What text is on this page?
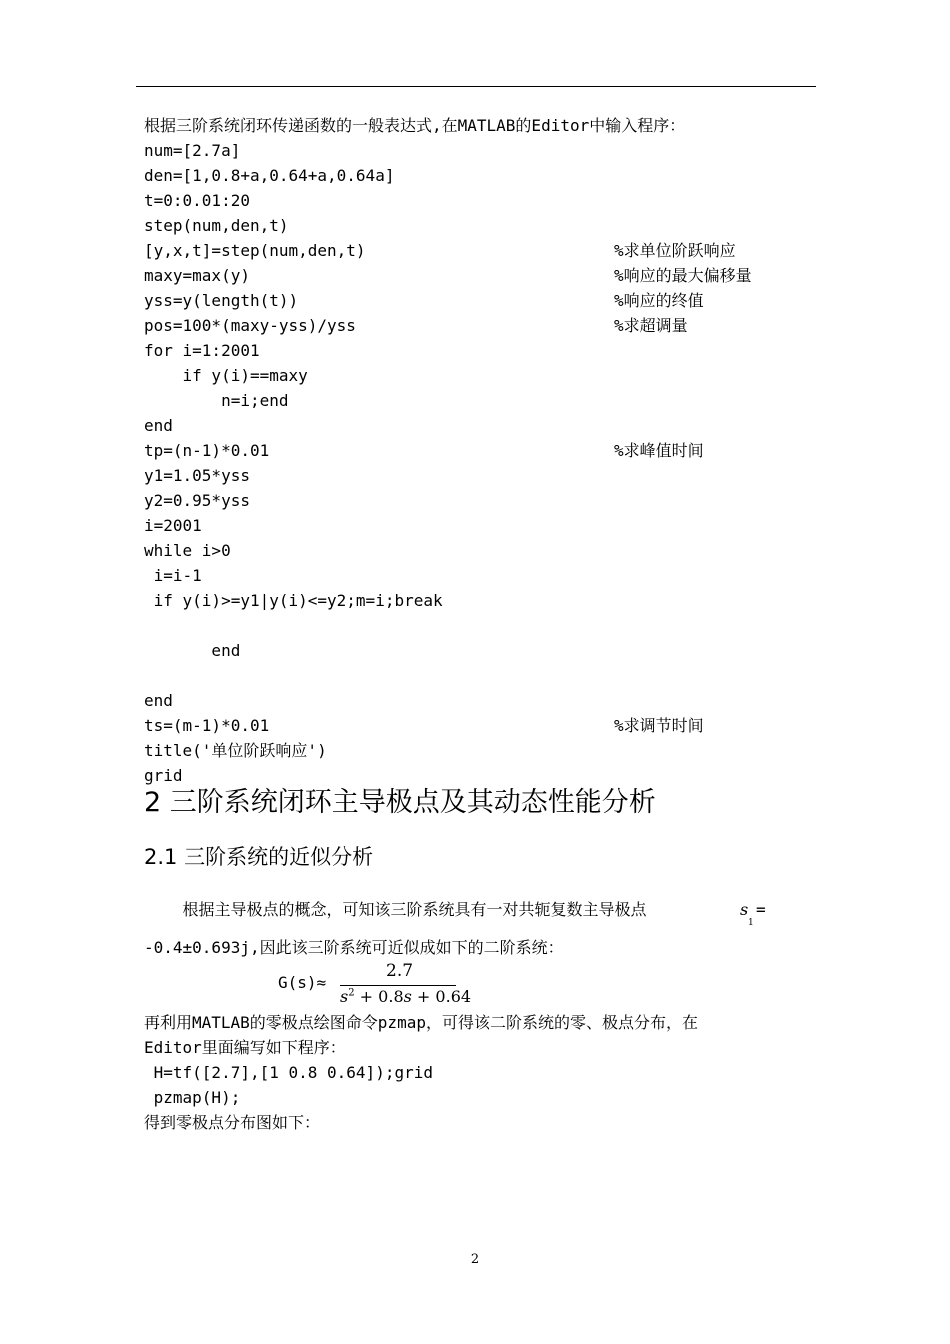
根据三阶系统闭环传递函数的一般表达式,在MATLAB的Editor中输入程序：
num=[2.7a]
den=[1,0.8+a,0.64+a,0.64a]
t=0:0.01:20
step(num,den,t)
[y,x,t]=step(num,den,t)
maxy=max(y)
yss=y(length(t))
pos=100*(maxy-yss)/yss
for i=1:2001
if y(i)==maxy
n=i;end
end
tp=(n-1)*0.01
y1=1.05*yss
y2=0.95*yss
i=2001
while i>0
i=i-1
if y(i)>=y1|y(i)<=y2;m=i;break
end
end
ts=(m-1)*0.01
title('单位阶跃响应')
grid
%求单位阶跃响应
%响应的最大偏移量
%响应的终值
%求超调量
%求峰值时间
%求调节时间
2 三阶系统闭环主导极点及其动态性能分析
2.1 三阶系统的近似分析
根据主导极点的概念，可知该三阶系统具有一对共轭复数主导极点	s
1
=
-0.4±0.693j,因此该三阶系统可近似成如下的二阶系统：
G(s)≈
2.7
$s^2 + 0.8s + 0.64$
再利用MATLAB的零极点绘图命令pzmap，可得该二阶系统的零、极点分布，在
Editor里面编写如下程序：
H=tf([2.7],[1 0.8 0.64]);grid
pzmap(H);
得到零极点分布图如下：
2
